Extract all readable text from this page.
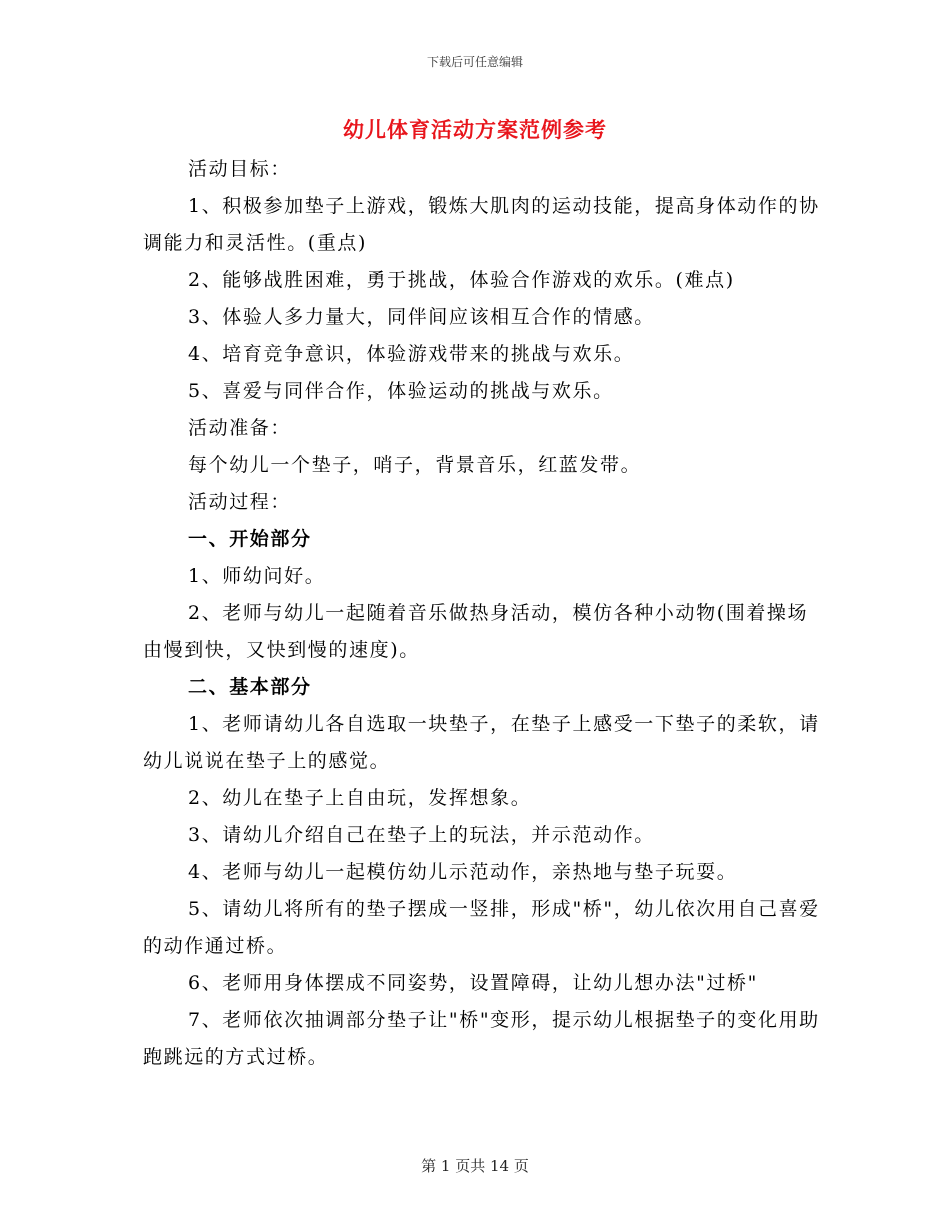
下载后可任意编辑
幼儿体育活动方案范例参考

活动目标：

1、积极参加垫子上游戏，锻炼大肌肉的运动技能，提高身体动作的协调能力和灵活性。(重点)

2、能够战胜困难，勇于挑战，体验合作游戏的欢乐。(难点)

3、体验人多力量大，同伴间应该相互合作的情感。

4、培育竞争意识，体验游戏带来的挑战与欢乐。

5、喜爱与同伴合作，体验运动的挑战与欢乐。

活动准备：

每个幼儿一个垫子，哨子，背景音乐，红蓝发带。

活动过程：

一、开始部分

1、师幼问好。

2、老师与幼儿一起随着音乐做热身活动，模仿各种小动物(围着操场由慢到快，又快到慢的速度)。

二、基本部分

1、老师请幼儿各自选取一块垫子，在垫子上感受一下垫子的柔软，请幼儿说说在垫子上的感觉。

2、幼儿在垫子上自由玩，发挥想象。

3、请幼儿介绍自己在垫子上的玩法，并示范动作。

4、老师与幼儿一起模仿幼儿示范动作，亲热地与垫子玩耍。

5、请幼儿将所有的垫子摆成一竖排，形成"桥"，幼儿依次用自己喜爱的动作通过桥。

6、老师用身体摆成不同姿势，设置障碍，让幼儿想办法"过桥"

7、老师依次抽调部分垫子让"桥"变形，提示幼儿根据垫子的变化用助跑跳远的方式过桥。

第 1 页共 14 页
